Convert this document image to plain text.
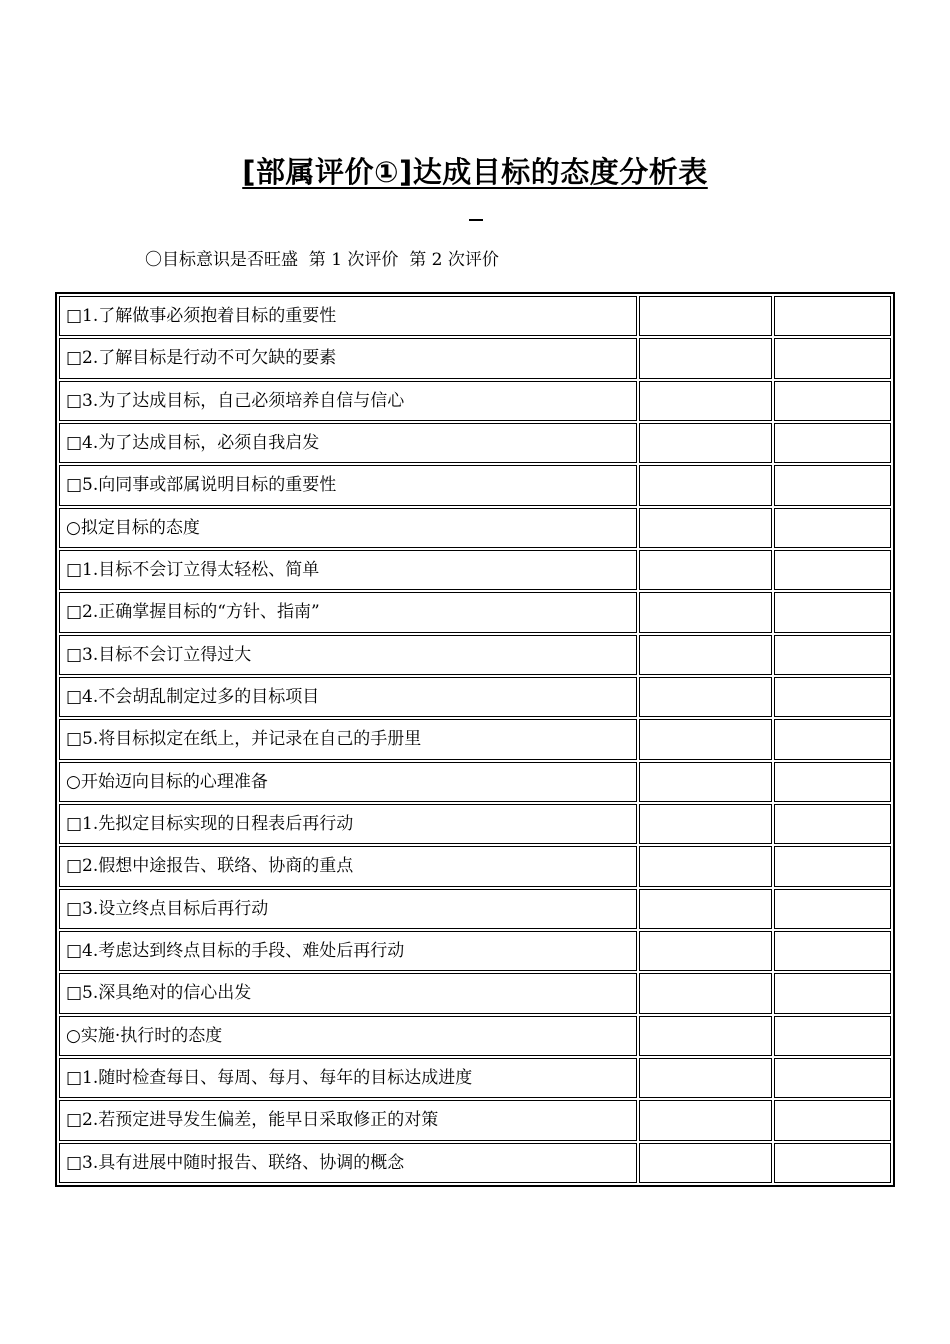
[部属评价①]达成目标的态度分析表
〇目标意识是否旺盛  第 1 次评价  第 2 次评价
□1.了解做事必须抱着目标的重要性		
□2.了解目标是行动不可欠缺的要素		
□3.为了达成目标，自己必须培养自信与信心		
□4.为了达成目标，必须自我启发		
□5.向同事或部属说明目标的重要性		
○拟定目标的态度		
□1.目标不会订立得太轻松、简单		
□2.正确掌握目标的“方针、指南”		
□3.目标不会订立得过大		
□4.不会胡乱制定过多的目标项目		
□5.将目标拟定在纸上，并记录在自己的手册里		
○开始迈向目标的心理准备		
□1.先拟定目标实现的日程表后再行动		
□2.假想中途报告、联络、协商的重点		
□3.设立终点目标后再行动		
□4.考虑达到终点目标的手段、难处后再行动		
□5.深具绝对的信心出发		
○实施·执行时的态度		
□1.随时检查每日、每周、每月、每年的目标达成进度		
□2.若预定进导发生偏差，能早日采取修正的对策		
□3.具有进展中随时报告、联络、协调的概念		
